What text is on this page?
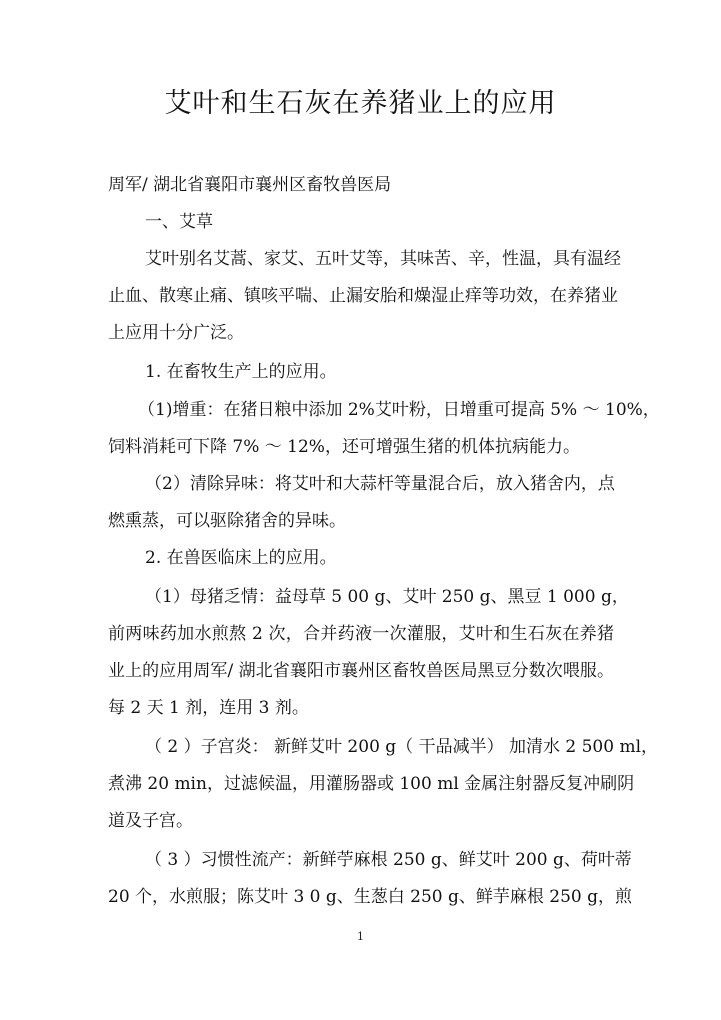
艾叶和生石灰在养猪业上的应用
周军/ 湖北省襄阳市襄州区畜牧兽医局
一、艾草
艾叶别名艾蒿、家艾、五叶艾等，其味苦、辛，性温，具有温经
止血、散寒止痛、镇咳平喘、止漏安胎和燥湿止痒等功效，在养猪业
上应用十分广泛。
1. 在畜牧生产上的应用。
（1)增重：在猪日粮中添加 2%艾叶粉，日增重可提高 5% ～ 10%，
饲料消耗可下降 7% ～ 12%，还可增强生猪的机体抗病能力。
（2）清除异味：将艾叶和大蒜杆等量混合后，放入猪舍内，点
燃熏蒸，可以驱除猪舍的异味。
2. 在兽医临床上的应用。
（1）母猪乏情：益母草 5 00 g、艾叶 250 g、黑豆 1 000 g，
前两味药加水煎熬 2 次，合并药液一次灌服，艾叶和生石灰在养猪
业上的应用周军/ 湖北省襄阳市襄州区畜牧兽医局黑豆分数次喂服。
每 2 天 1 剂，连用 3 剂。
（ 2 ）子宫炎： 新鲜艾叶 200 g（ 干品减半） 加清水 2 500 ml，
煮沸 20 min，过滤候温，用灌肠器或 100 ml 金属注射器反复冲刷阴
道及子宫。
（ 3 ）习惯性流产：新鲜苧麻根 250 g、鲜艾叶 200 g、荷叶蒂
20 个，水煎服；陈艾叶 3 0 g、生葱白 250 g、鲜芋麻根 250 g，煎
1
